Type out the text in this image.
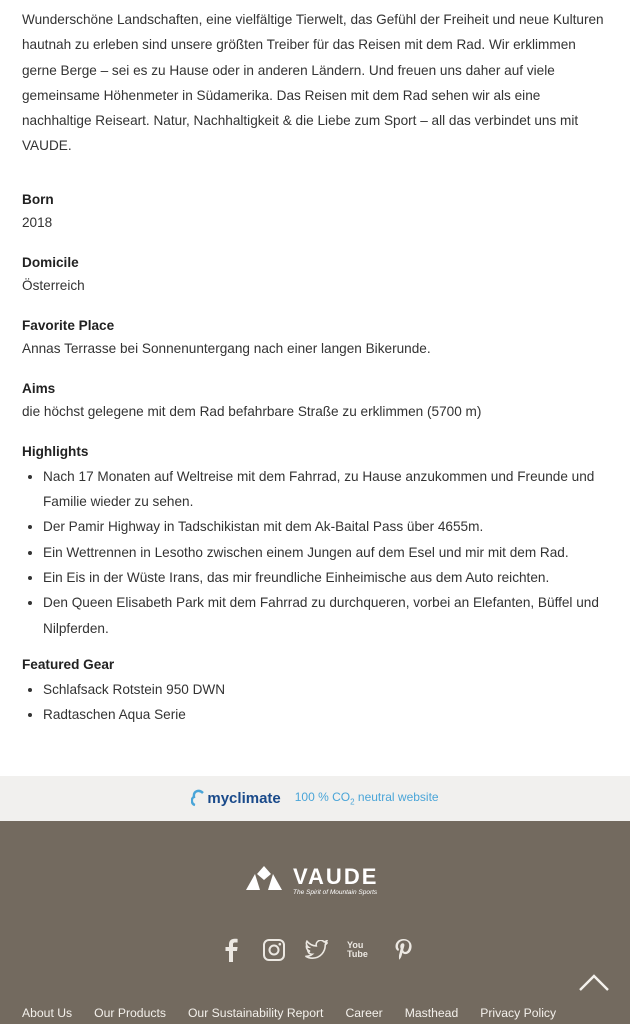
Wunderschöne Landschaften, eine vielfältige Tierwelt, das Gefühl der Freiheit und neue Kulturen hautnah zu erleben sind unsere größten Treiber für das Reisen mit dem Rad. Wir erklimmen gerne Berge – sei es zu Hause oder in anderen Ländern. Und freuen uns daher auf viele gemeinsame Höhenmeter in Südamerika. Das Reisen mit dem Rad sehen wir als eine nachhaltige Reiseart. Natur, Nachhaltigkeit & die Liebe zum Sport – all das verbindet uns mit VAUDE.

Born

2018

Domicile

Österreich

Favorite Place

Annas Terrasse bei Sonnenuntergang nach einer langen Bikerunde.

Aims

die höchst gelegene mit dem Rad befahrbare Straße zu erklimmen (5700 m)

Highlights

• Nach 17 Monaten auf Weltreise mit dem Fahrrad, zu Hause anzukommen und Freunde und Familie wieder zu sehen.
• Der Pamir Highway in Tadschikistan mit dem Ak-Baital Pass über 4655m.
• Ein Wettrennen in Lesotho zwischen einem Jungen auf dem Esel und mir mit dem Rad.
• Ein Eis in der Wüste Irans, das mir freundliche Einheimische aus dem Auto reichten.
• Den Queen Elisabeth Park mit dem Fahrrad zu durchqueren, vorbei an Elefanten, Büffel und Nilpferden.

Featured Gear

• Schlafsack Rotstein 950 DWN
• Radtaschen Aqua Serie
myclimate 100 % $CO_2$ neutral website
VAUDE
The Spirit of Mountain Sports
You Tube
About Us Our Products Our Sustainability Report Career Masthead Privacy Policy
